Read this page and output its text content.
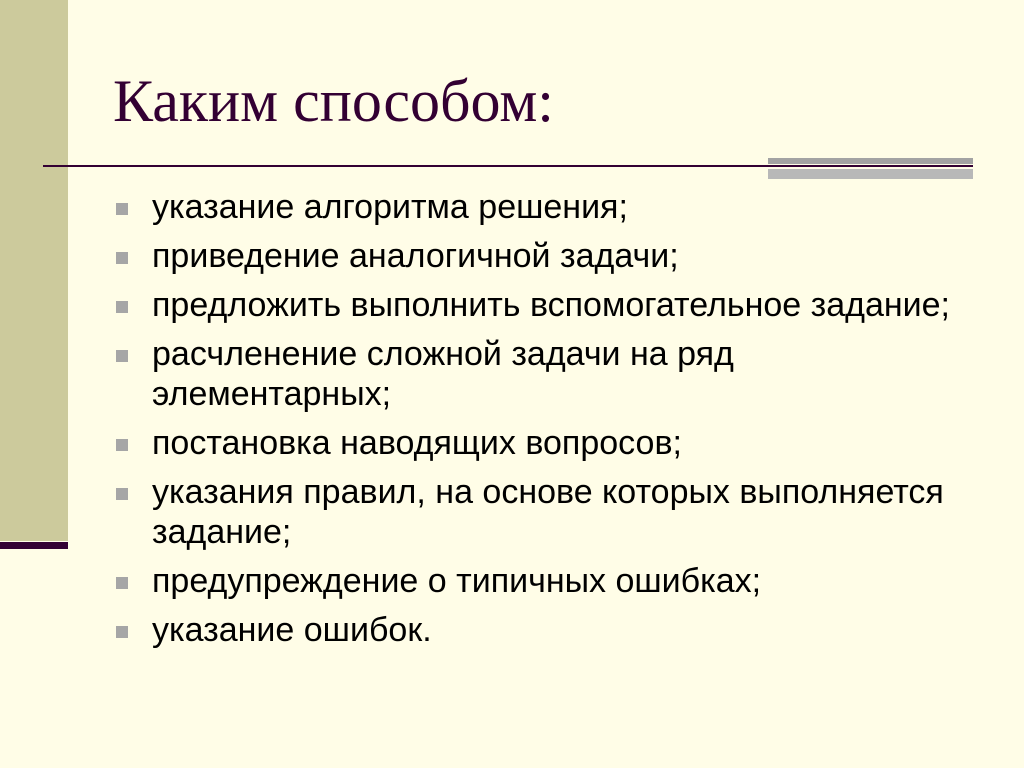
Каким способом:
указание алгоритма решения;
приведение аналогичной задачи;
предложить выполнить вспомогательное задание;
расчленение сложной задачи на ряд элементарных;
постановка наводящих вопросов;
указания правил, на основе которых выполняется задание;
предупреждение о типичных ошибках;
указание ошибок.
